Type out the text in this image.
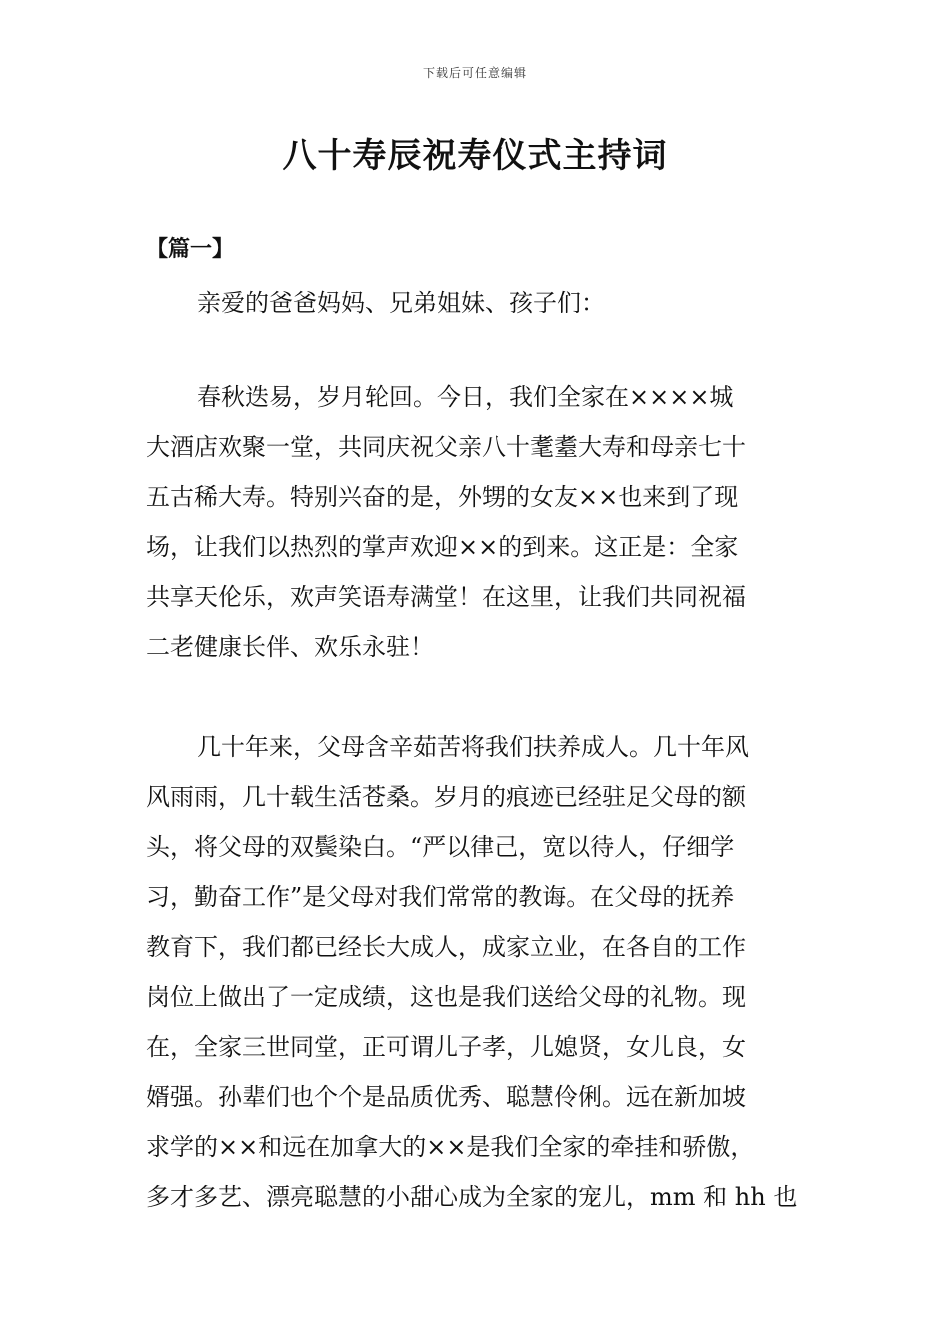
下载后可任意编辑
八十寿辰祝寿仪式主持词
【篇一】
亲爱的爸爸妈妈、兄弟姐妹、孩子们：
春秋迭易，岁月轮回。今日，我们全家在××××城
大酒店欢聚一堂，共同庆祝父亲八十耄耋大寿和母亲七十
五古稀大寿。特别兴奋的是，外甥的女友××也来到了现
场，让我们以热烈的掌声欢迎××的到来。这正是：全家
共享天伦乐，欢声笑语寿满堂！在这里，让我们共同祝福
二老健康长伴、欢乐永驻！
几十年来，父母含辛茹苦将我们扶养成人。几十年风
风雨雨，几十载生活苍桑。岁月的痕迹已经驻足父母的额
头，将父母的双鬓染白。“严以律己，宽以待人，仔细学
习，勤奋工作”是父母对我们常常的教诲。在父母的抚养
教育下，我们都已经长大成人，成家立业，在各自的工作
岗位上做出了一定成绩，这也是我们送给父母的礼物。现
在，全家三世同堂，正可谓儿子孝，儿媳贤，女儿良，女
婿强。孙辈们也个个是品质优秀、聪慧伶俐。远在新加坡
求学的××和远在加拿大的××是我们全家的牵挂和骄傲，
多才多艺、漂亮聪慧的小甜心成为全家的宠儿，mm 和 hh 也
